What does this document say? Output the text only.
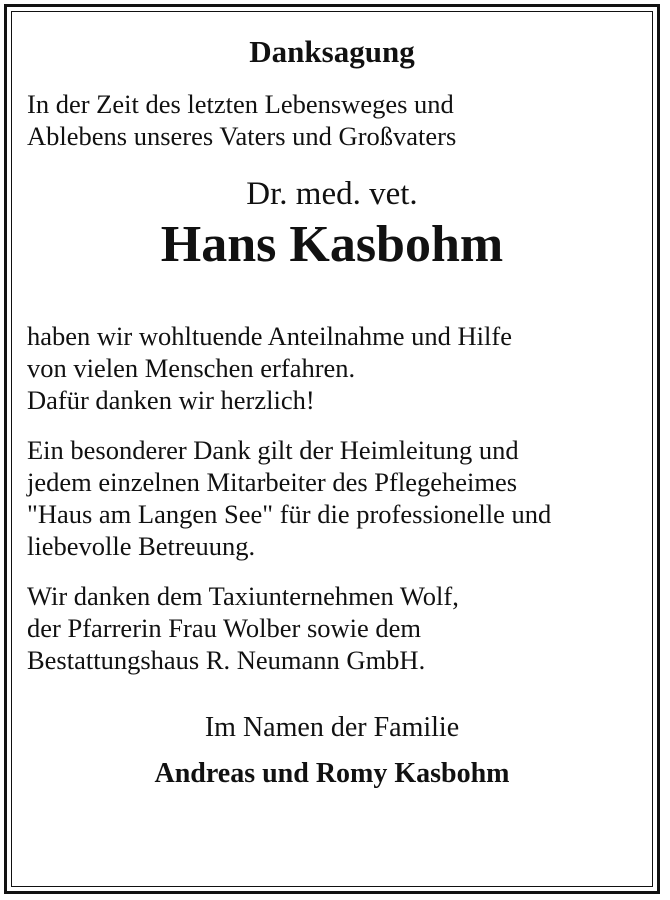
Danksagung
In der Zeit des letzten Lebensweges und
Ablebens unseres Vaters und Großvaters
Dr. med. vet.
Hans Kasbohm
haben wir wohltuende Anteilnahme und Hilfe
von vielen Menschen erfahren.
Dafür danken wir herzlich!
Ein besonderer Dank gilt der Heimleitung und
jedem einzelnen Mitarbeiter des Pflegeheimes
"Haus am Langen See" für die professionelle und
liebevolle Betreuung.
Wir danken dem Taxiunternehmen Wolf,
der Pfarrerin Frau Wolber sowie dem
Bestattungshaus R. Neumann GmbH.
Im Namen der Familie
Andreas und Romy Kasbohm
